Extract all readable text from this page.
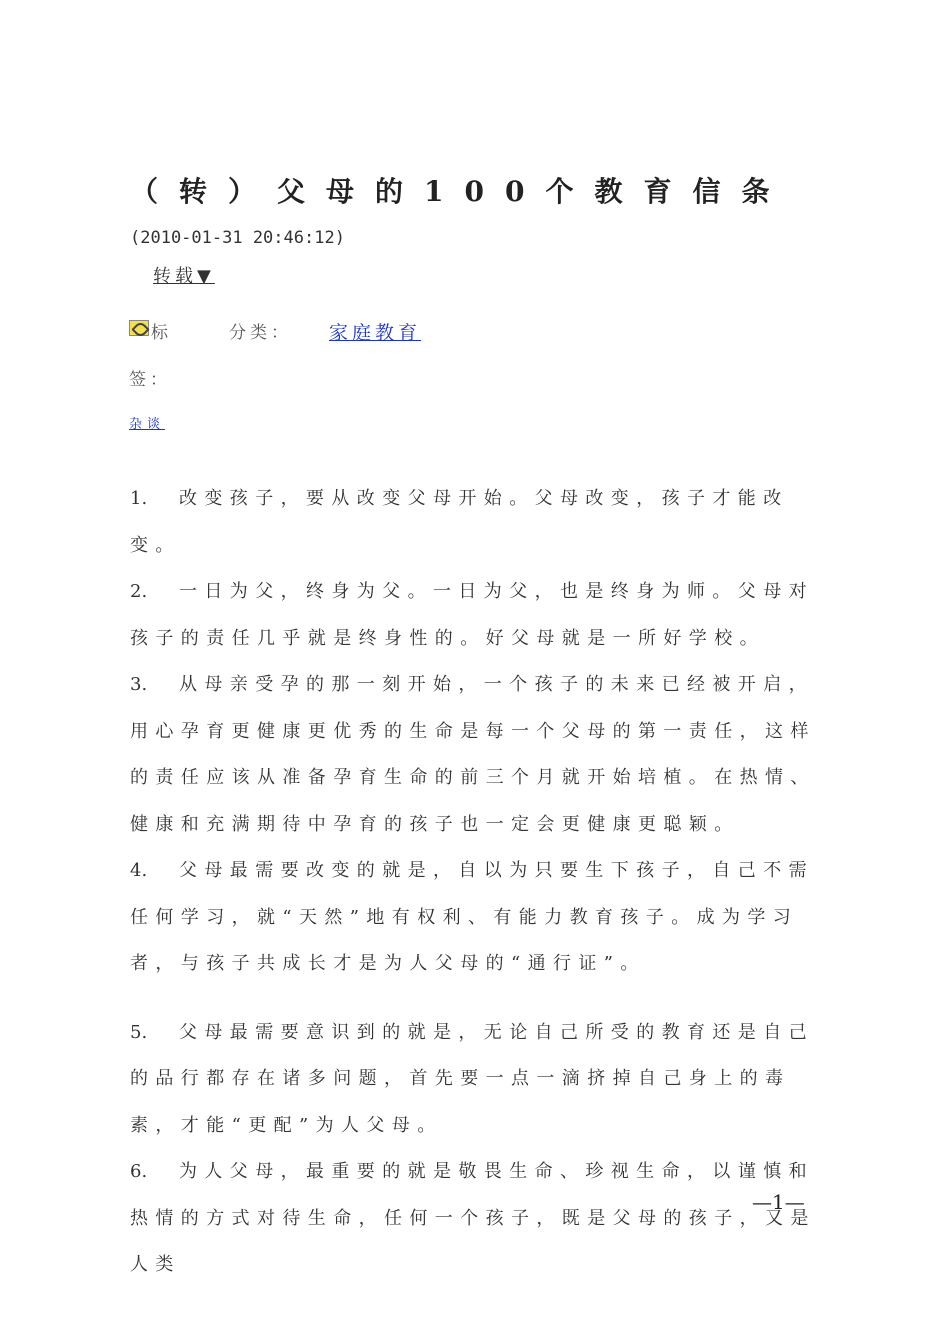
（转）父母的100个教育信条
(2010-01-31 20:46:12)
转载▼
标	分类： 家庭教育
签：
杂谈

1. 改变孩子，要从改变父母开始。父母改变，孩子才能改变。

2. 一日为父，终身为父。一日为父，也是终身为师。父母对孩子的责任几乎就是终身性的。好父母就是一所好学校。

3. 从母亲受孕的那一刻开始，一个孩子的未来已经被开启，用心孕育更健康更优秀的生命是每一个父母的第一责任，这样的责任应该从准备孕育生命的前三个月就开始培植。在热情、健康和充满期待中孕育的孩子也一定会更健康更聪颖。

4. 父母最需要改变的就是，自以为只要生下孩子，自己不需任何学习，就“天然”地有权利、有能力教育孩子。成为学习者，与孩子共成长才是为人父母的“通行证”。

5. 父母最需要意识到的就是，无论自己所受的教育还是自己的品行都存在诸多问题，首先要一点一滴挤掉自己身上的毒素，才能“更配”为人父母。

6. 为人父母，最重要的就是敬畏生命、珍视生命，以谨慎和热情的方式对待生命，任何一个孩子，既是父母的孩子，又是人类

—1—
